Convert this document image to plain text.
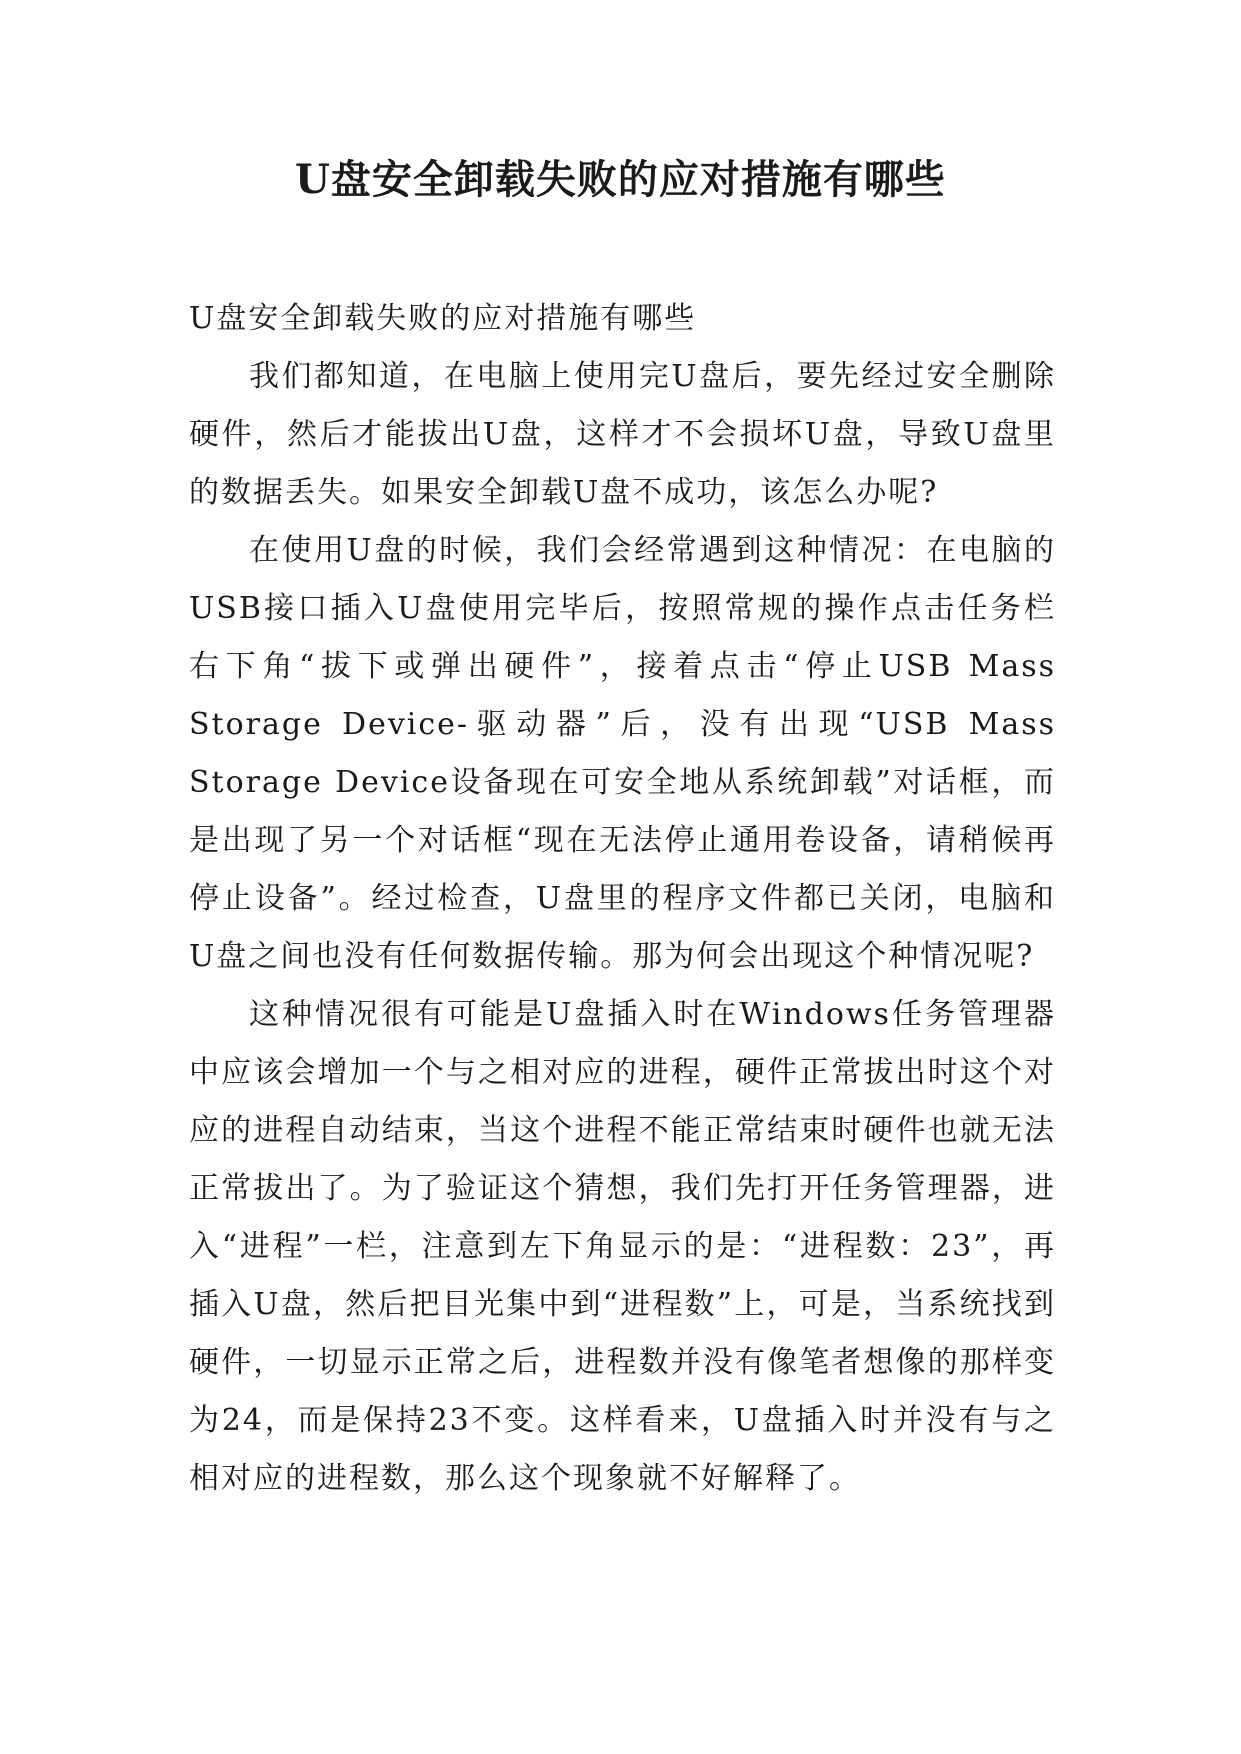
U盘安全卸载失败的应对措施有哪些

U盘安全卸载失败的应对措施有哪些

我们都知道，在电脑上使用完U盘后，要先经过安全删除硬件，然后才能拔出U盘，这样才不会损坏U盘，导致U盘里的数据丢失。如果安全卸载U盘不成功，该怎么办呢?

在使用U盘的时候，我们会经常遇到这种情况：在电脑的USB接口插入U盘使用完毕后，按照常规的操作点击任务栏右下角“拔下或弹出硬件”，接着点击“停止USB Mass Storage Device-驱动器”后，没有出现“USB Mass Storage Device设备现在可安全地从系统卸载”对话框，而是出现了另一个对话框“现在无法停止通用卷设备，请稍候再停止设备”。经过检查，U盘里的程序文件都已关闭，电脑和U盘之间也没有任何数据传输。那为何会出现这个种情况呢?

这种情况很有可能是U盘插入时在Windows任务管理器中应该会增加一个与之相对应的进程，硬件正常拔出时这个对应的进程自动结束，当这个进程不能正常结束时硬件也就无法正常拔出了。为了验证这个猜想，我们先打开任务管理器，进入“进程”一栏，注意到左下角显示的是：“进程数：23”，再插入U盘，然后把目光集中到“进程数”上，可是，当系统找到硬件，一切显示正常之后，进程数并没有像笔者想像的那样变为24，而是保持23不变。这样看来，U盘插入时并没有与之相对应的进程数，那么这个现象就不好解释了。
